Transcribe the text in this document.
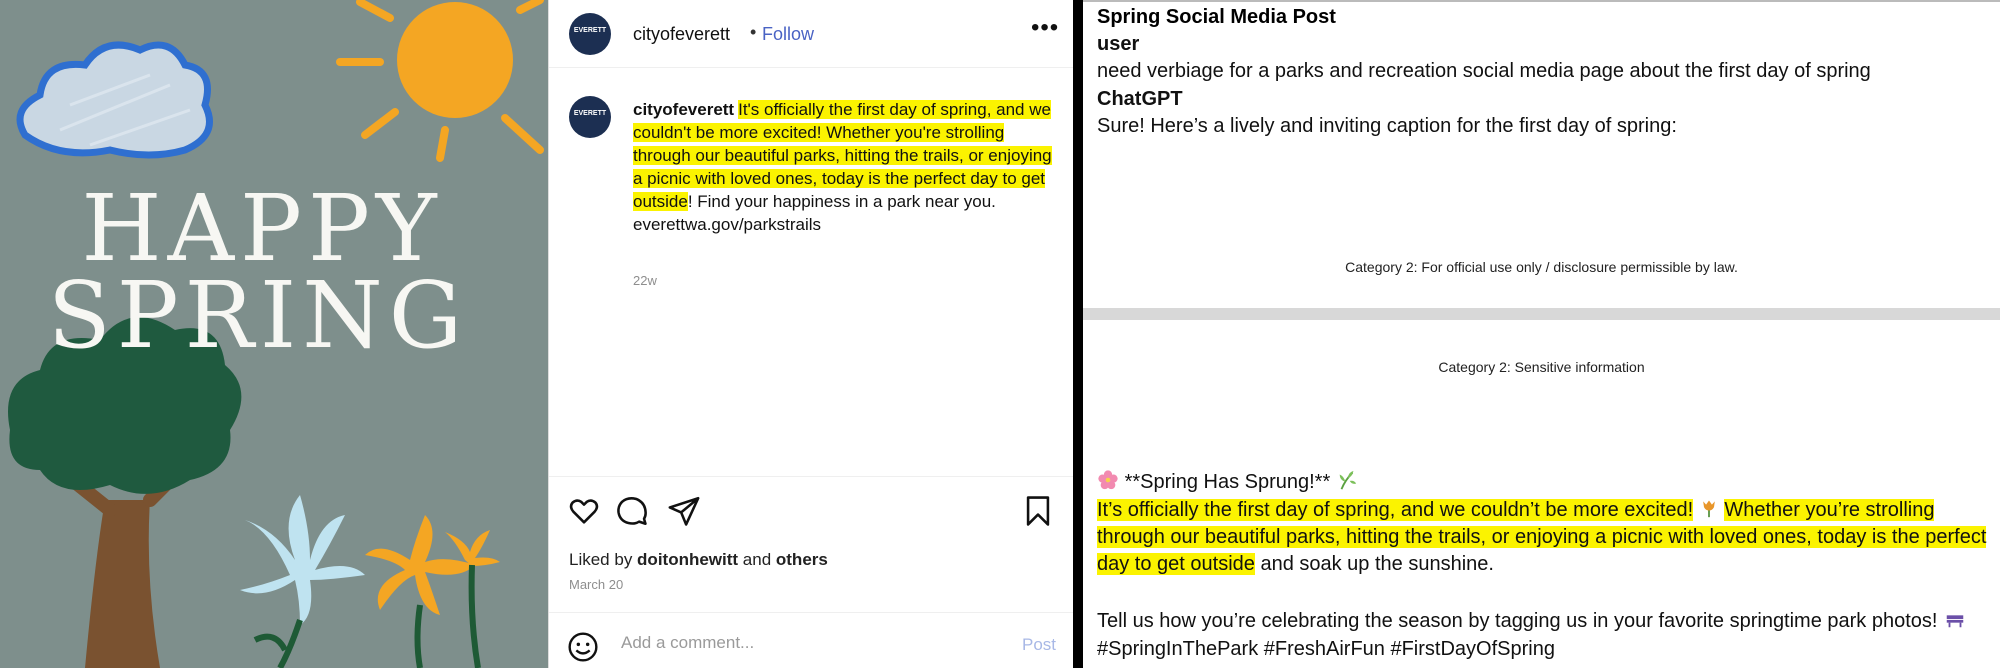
HAPPY
SPRING
EVERETT cityofeverett • Follow	•••
EVERETT cityofeverett It's officially the first day of spring, and we couldn't be more excited! Whether you're strolling through our beautiful parks, hitting the trails, or enjoying a picnic with loved ones, today is the perfect day to get outside! Find your happiness in a park near you.
everettwa.gov/parkstrails
22w
Liked by doitonhewitt and others
March 20
Add a comment...
Post
Spring Social Media Post
user
need verbiage for a parks and recreation social media page about the first day of spring
ChatGPT
Sure! Here’s a lively and inviting caption for the first day of spring:
Category 2: For official use only / disclosure permissible by law.
Category 2: Sensitive information
**Spring Has Sprung!**
It’s officially the first day of spring, and we couldn’t be more excited! Whether you’re strolling through our beautiful parks, hitting the trails, or enjoying a picnic with loved ones, today is the perfect day to get outside and soak up the sunshine.
Tell us how you’re celebrating the season by tagging us in your favorite springtime park photos!  #SpringInThePark #FreshAirFun #FirstDayOfSpring
